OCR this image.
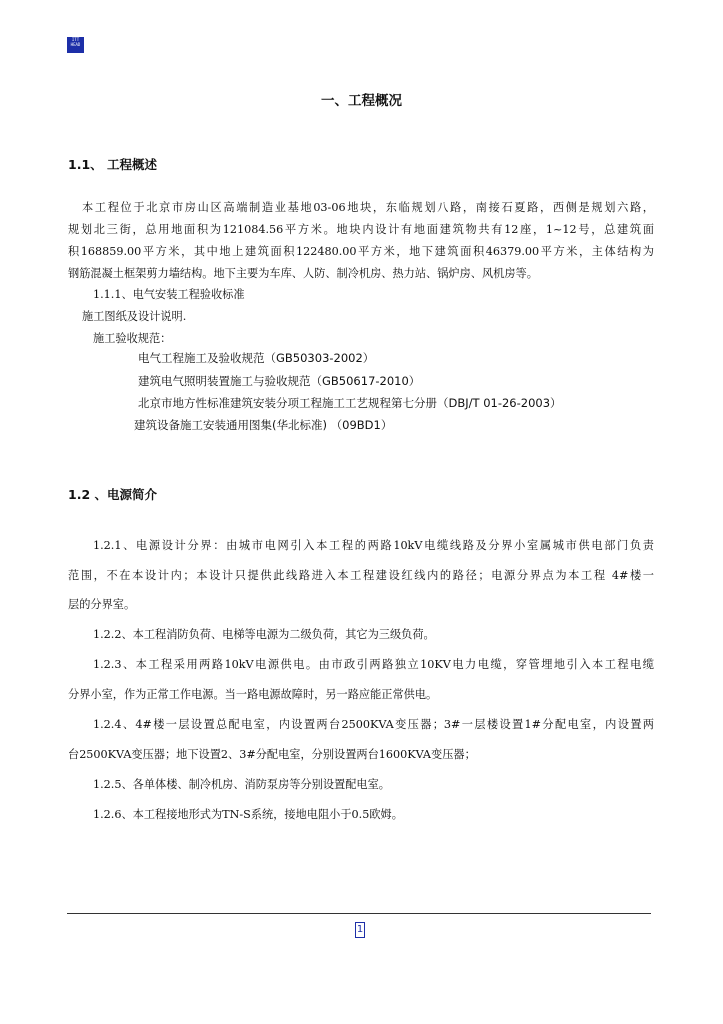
ITT
HEAD
一、工程概况
1.1、 工程概述
本工程位于北京市房山区高端制造业基地03-06地块，东临规划八路，南接石夏路，西侧是规划六路，
规划北三街，总用地面积为121084.56平方米。地块内设计有地面建筑物共有12座，1~12号，总建筑面
积168859.00平方米，其中地上建筑面积122480.00平方米，地下建筑面积46379.00平方米，主体结构为
钢筋混凝土框架剪力墙结构。地下主要为车库、人防、制冷机房、热力站、锅炉房、风机房等。
1.1.1、电气安装工程验收标准
施工图纸及设计说明.
施工验收规范：
电气工程施工及验收规范（GB50303-2002）
建筑电气照明装置施工与验收规范（GB50617-2010）
北京市地方性标准建筑安装分项工程施工工艺规程第七分册（DBJ/T 01-26-2003）
建筑设备施工安装通用图集(华北标准) （09BD1）
1.2 、电源简介
1.2.1、电源设计分界：由城市电网引入本工程的两路10kV电缆线路及分界小室属城市供电部门负责
范围，不在本设计内；本设计只提供此线路进入本工程建设红线内的路径；电源分界点为本工程 4#楼一
层的分界室。
1.2.2、本工程消防负荷、电梯等电源为二级负荷，其它为三级负荷。
1.2.3、本工程采用两路10kV电源供电。由市政引两路独立10KV电力电缆，穿管埋地引入本工程电缆
分界小室，作为正常工作电源。当一路电源故障时，另一路应能正常供电。
1.2.4、4#楼一层设置总配电室，内设置两台2500KVA变压器；3#一层楼设置1#分配电室，内设置两
台2500KVA变压器；地下设置2、3#分配电室，分别设置两台1600KVA变压器；
1.2.5、各单体楼、制冷机房、消防泵房等分别设置配电室。
1.2.6、本工程接地形式为TN-S系统，接地电阻小于0.5欧姆。
1
